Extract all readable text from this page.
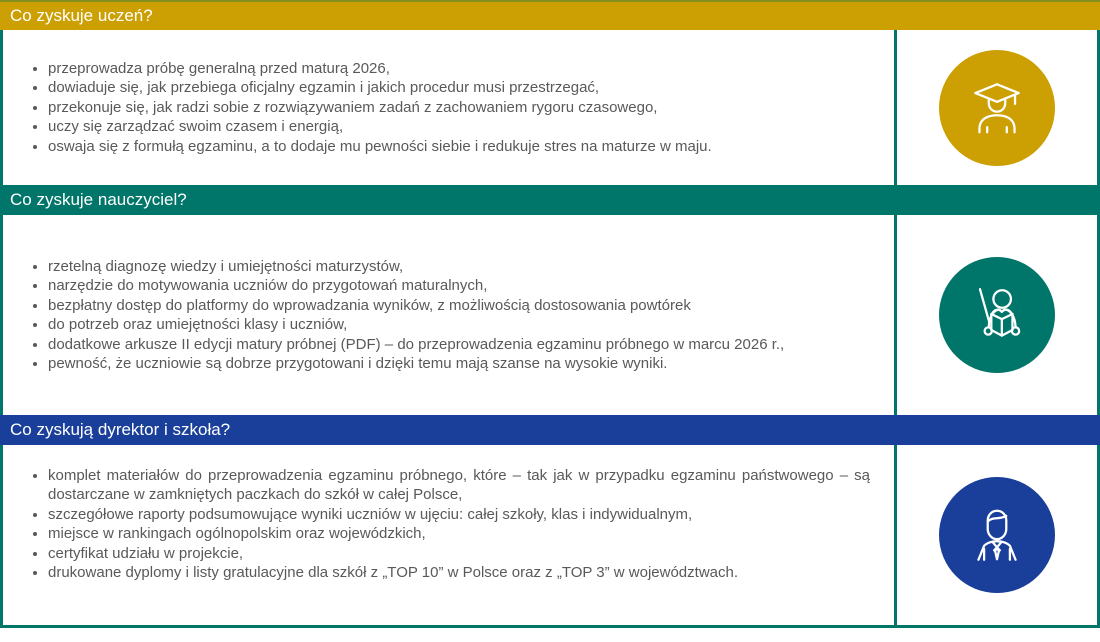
Co zyskuje uczeń?
• przeprowadza próbę generalną przed maturą 2026,
• dowiaduje się, jak przebiega oficjalny egzamin i jakich procedur musi przestrzegać,
• przekonuje się, jak radzi sobie z rozwiązywaniem zadań z zachowaniem rygoru czasowego,
• uczy się zarządzać swoim czasem i energią,
• oswaja się z formułą egzaminu, a to dodaje mu pewności siebie i redukuje stres na maturze w maju.
Co zyskuje nauczyciel?
• rzetelną diagnozę wiedzy i umiejętności maturzystów,
• narzędzie do motywowania uczniów do przygotowań maturalnych,
• bezpłatny dostęp do platformy do wprowadzania wyników, z możliwością dostosowania powtórek
• do potrzeb oraz umiejętności klasy i uczniów,
• dodatkowe arkusze II edycji matury próbnej (PDF) – do przeprowadzenia egzaminu próbnego w marcu 2026 r.,
• pewność, że uczniowie są dobrze przygotowani i dzięki temu mają szanse na wysokie wyniki.
Co zyskują dyrektor i szkoła?
• komplet materiałów do przeprowadzenia egzaminu próbnego, które – tak jak w przypadku egzaminu państwowego – są dostarczane w zamkniętych paczkach do szkół w całej Polsce,
• szczegółowe raporty podsumowujące wyniki uczniów w ujęciu: całej szkoły, klas i indywidualnym,
• miejsce w rankingach ogólnopolskim oraz wojewódzkich,
• certyfikat udziału w projekcie,
• drukowane dyplomy i listy gratulacyjne dla szkół z „TOP 10” w Polsce oraz z „TOP 3” w województwach.
